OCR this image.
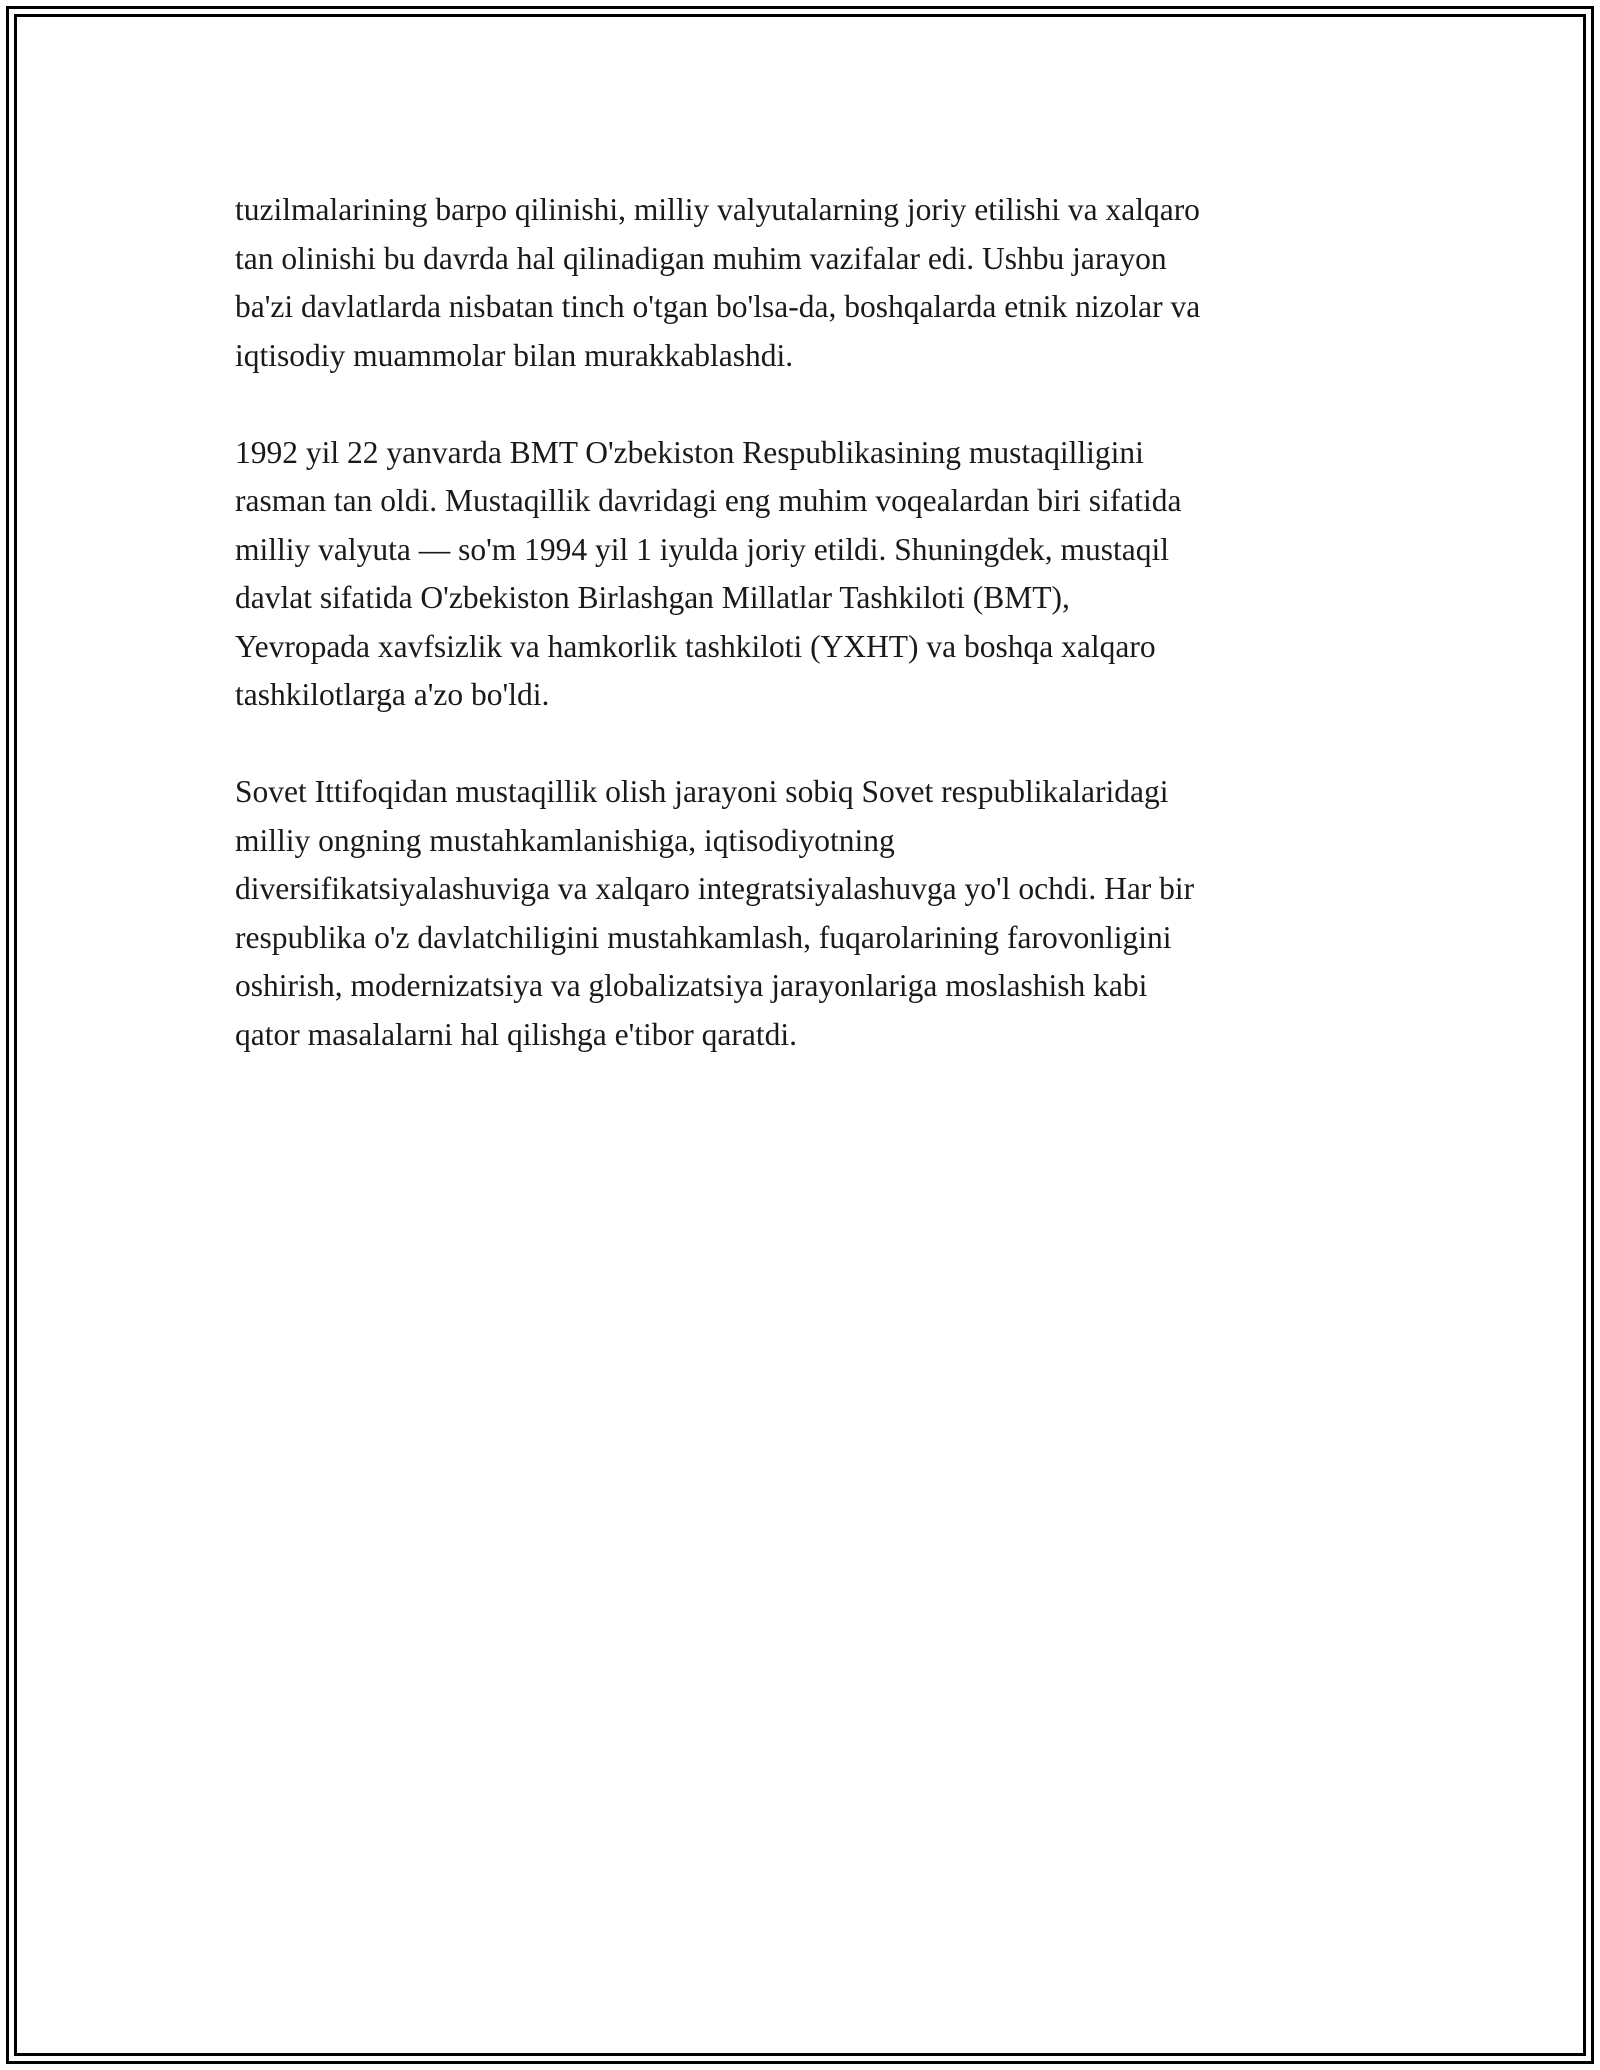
tuzilmalarining barpo qilinishi, milliy valyutalarning joriy etilishi va xalqaro
tan olinishi bu davrda hal qilinadigan muhim vazifalar edi. Ushbu jarayon
ba'zi davlatlarda nisbatan tinch o'tgan bo'lsa-da, boshqalarda etnik nizolar va
iqtisodiy muammolar bilan murakkablashdi.

1992 yil 22 yanvarda BMT O'zbekiston Respublikasining mustaqilligini
rasman tan oldi. Mustaqillik davridagi eng muhim voqealardan biri sifatida
milliy valyuta — so'm 1994 yil 1 iyulda joriy etildi. Shuningdek, mustaqil
davlat sifatida O'zbekiston Birlashgan Millatlar Tashkiloti (BMT),
Yevropada xavfsizlik va hamkorlik tashkiloti (YXHT) va boshqa xalqaro
tashkilotlarga a'zo bo'ldi.

Sovet Ittifoqidan mustaqillik olish jarayoni sobiq Sovet respublikalaridagi
milliy ongning mustahkamlanishiga, iqtisodiyotning
diversifikatsiyalashuviga va xalqaro integratsiyalashuvga yo'l ochdi. Har bir
respublika o'z davlatchiligini mustahkamlash, fuqarolarining farovonligini
oshirish, modernizatsiya va globalizatsiya jarayonlariga moslashish kabi
qator masalalarni hal qilishga e'tibor qaratdi.
